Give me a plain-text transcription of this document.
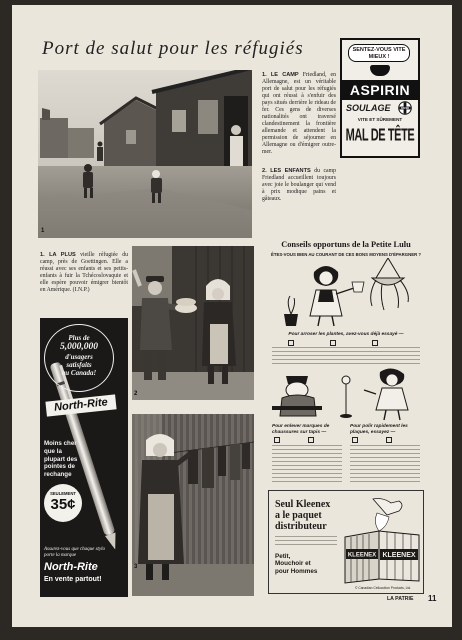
Port de salut pour les réfugiés
1
1. LE CAMP Friedland, en Allemagne, est un véritable port de salut pour les réfugiés qui ont réussi à s'enfuir des pays situés derrière le rideau de fer. Ces gens de diverses nationalités ont traversé clandestinement la frontière allemande et attendent la permission de séjourner en Allemagne ou d'émigrer outre-mer.
2. LES ENFANTS du camp Friedland accueillent toujours avec joie le boulanger qui vend à prix modique pains et gâteaux.
SENTEZ-VOUS VITE MIEUX !
ASPIRIN
SOULAGE	BAYER
VITE ET SÛREMENT
MAL DE TÊTE
1. LA PLUS vieille réfugiée du camp, près de Goettingen. Elle a réussi avec ses enfants et ses petits-enfants à fuir la Tchécoslovaquie et elle espère pouvoir émigrer bientôt en Amérique. (I.N.P.)
2
3
Plus de
5,000,000
d'usagers
satisfaits
au Canada!
North-Rite
Moins cher que la plupart des pointes de rechange
SEULEMENT
35¢
Assurez-vous que chaque stylo porte la marque
North-Rite
En vente partout!
Conseils opportuns de la Petite Lulu
ÊTES-VOUS BIEN AU COURANT DE CES BONS MOYENS D'ÉPARGNER ?
Pour arroser les plantes, avez-vous déjà essayé —
Pour enlever marques de chaussures sur tapis —
Pour polir rapidement les plaques, essayez —
Seul Kleenex
a le paquet
distributeur
Petit,
Mouchoir et
pour Hommes
KLEENEX KLEENEX
© Canadian Cellucotton Products, Ltd.
LA PATRIE 11
